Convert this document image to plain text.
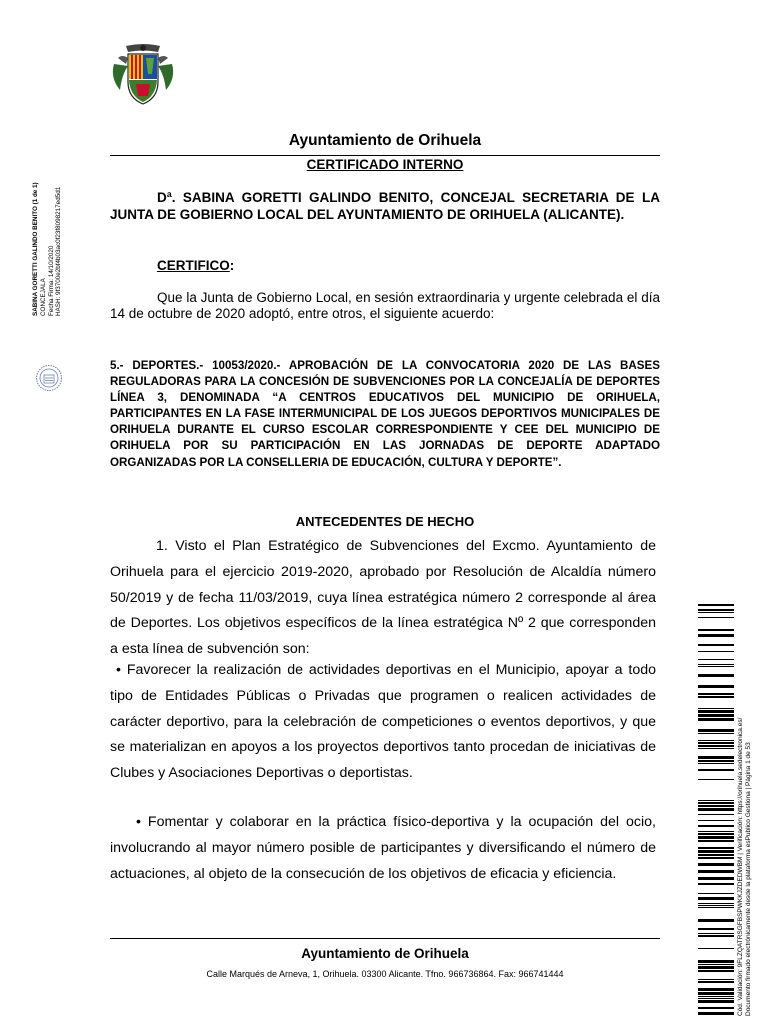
SABINA GORETTI GALINDO BENITO (1 de 1) CONCEJALA Fecha Firma: 14/10/2020 HASH: 9f3700e2bf4b03ac0f23f8098217ed5d1
Ayuntamiento de Orihuela
CERTIFICADO INTERNO
Dª. SABINA GORETTI GALINDO BENITO, CONCEJAL SECRETARIA DE LA JUNTA DE GOBIERNO LOCAL DEL AYUNTAMIENTO DE ORIHUELA (ALICANTE).
CERTIFICO:
Que la Junta de Gobierno Local, en sesión extraordinaria y urgente celebrada el día 14 de octubre de 2020 adoptó, entre otros, el siguiente acuerdo:
5.- DEPORTES.- 10053/2020.- APROBACIÓN DE LA CONVOCATORIA 2020 DE LAS BASES REGULADORAS PARA LA CONCESIÓN DE SUBVENCIONES POR LA CONCEJALÍA DE DEPORTES LÍNEA 3, DENOMINADA “A CENTROS EDUCATIVOS DEL MUNICIPIO DE ORIHUELA, PARTICIPANTES EN LA FASE INTERMUNICIPAL DE LOS JUEGOS DEPORTIVOS MUNICIPALES DE ORIHUELA DURANTE EL CURSO ESCOLAR CORRESPONDIENTE Y CEE DEL MUNICIPIO DE ORIHUELA POR SU PARTICIPACIÓN EN LAS JORNADAS DE DEPORTE ADAPTADO ORGANIZADAS POR LA CONSELLERIA DE EDUCACIÓN, CULTURA Y DEPORTE”.
ANTECEDENTES DE HECHO
1. Visto el Plan Estratégico de Subvenciones del Excmo. Ayuntamiento de Orihuela para el ejercicio 2019-2020, aprobado por Resolución de Alcaldía número 50/2019 y de fecha 11/03/2019, cuya línea estratégica número 2 corresponde al área de Deportes. Los objetivos específicos de la línea estratégica Nº 2 que corresponden a esta línea de subvención son:
• Favorecer la realización de actividades deportivas en el Municipio, apoyar a todo tipo de Entidades Públicas o Privadas que programen o realicen actividades de carácter deportivo, para la celebración de competiciones o eventos deportivos, y que se materializan en apoyos a los proyectos deportivos tanto procedan de iniciativas de Clubes y Asociaciones Deportivas o deportistas.
• Fomentar y colaborar en la práctica físico-deportiva y la ocupación del ocio, involucrando al mayor número posible de participantes y diversificando el número de actuaciones, al objeto de la consecución de los objetivos de eficacia y eficiencia.
Ayuntamiento de Orihuela
Calle Marqués de Arneva, 1, Orihuela. 03300 Alicante. Tfno. 966736864. Fax: 966741444	Cód. Validación: 9FLZQATRSGFBSPWKKJZDEDWBM | Verificación: https://orihuela.sedelectronica.es/ Documento firmado electrónicamente desde la plataforma esPublico Gestiona | Página 1 de 53
